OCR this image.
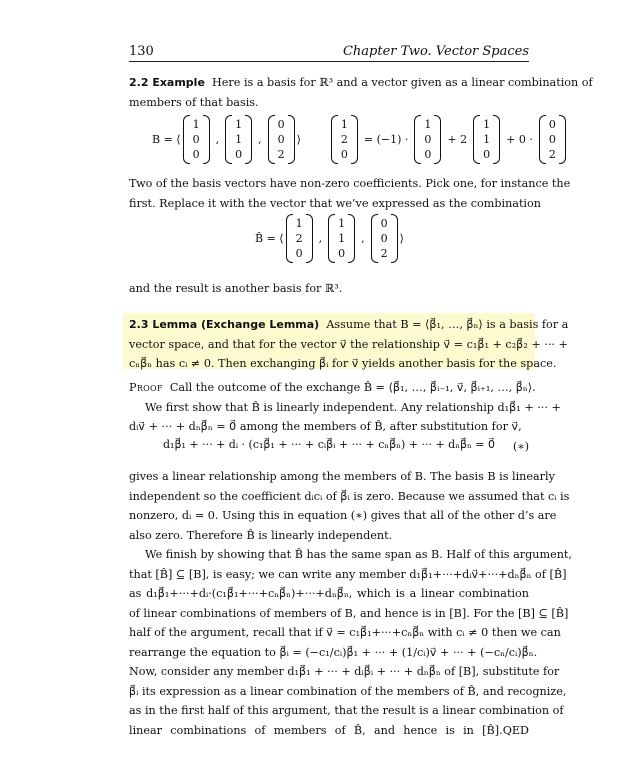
130	Chapter Two. Vector Spaces
2.2 Example Here is a basis for ℝ³ and a vector given as a linear combination of
members of that basis.
B = ⟨
1
0
0
,
1
1
0
,
0
0
2
⟩
1
2
0
= (−1) ·
1
0
0
+ 2
1
1
0
+ 0 ·
0
0
2
Two of the basis vectors have non-zero coefficients. Pick one, for instance the
first. Replace it with the vector that we’ve expressed as the combination
B̂ = ⟨
1
2
0
,
1
1
0
,
0
0
2
⟩
and the result is another basis for ℝ³.
2.3 Lemma (Exchange Lemma) Assume that B = ⟨β⃗₁, …, β⃗ₙ⟩ is a basis for a
vector space, and that for the vector v⃗ the relationship v⃗ = c₁β⃗₁ + c₂β⃗₂ + ··· +
cₙβ⃗ₙ has cᵢ ≠ 0. Then exchanging β⃗ᵢ for v⃗ yields another basis for the space.
Proof Call the outcome of the exchange B̂ = ⟨β⃗₁, …, β⃗ᵢ₋₁, v⃗, β⃗ᵢ₊₁, …, β⃗ₙ⟩.
We first show that B̂ is linearly independent. Any relationship d₁β⃗₁ + ··· +
dᵢv⃗ + ··· + dₙβ⃗ₙ = 0⃗ among the members of B̂, after substitution for v⃗,
d₁β⃗₁ + ··· + dᵢ · (c₁β⃗₁ + ··· + cᵢβ⃗ᵢ + ··· + cₙβ⃗ₙ) + ··· + dₙβ⃗ₙ = 0⃗ (∗)
gives a linear relationship among the members of B. The basis B is linearly
independent so the coefficient dᵢcᵢ of β⃗ᵢ is zero. Because we assumed that cᵢ is
nonzero, dᵢ = 0. Using this in equation (∗) gives that all of the other d’s are
also zero. Therefore B̂ is linearly independent.
We finish by showing that B̂ has the same span as B. Half of this argument,
that [B̂] ⊆ [B], is easy; we can write any member d₁β⃗₁+···+dᵢv⃗+···+dₙβ⃗ₙ of [B̂]
as d₁β⃗₁+···+dᵢ·(c₁β⃗₁+···+cₙβ⃗ₙ)+···+dₙβ⃗ₙ, which is a linear combination
of linear combinations of members of B, and hence is in [B]. For the [B] ⊆ [B̂]
half of the argument, recall that if v⃗ = c₁β⃗₁+···+cₙβ⃗ₙ with cᵢ ≠ 0 then we can
rearrange the equation to β⃗ᵢ = (−c₁/cᵢ)β⃗₁ + ··· + (1/cᵢ)v⃗ + ··· + (−cₙ/cᵢ)β⃗ₙ.
Now, consider any member d₁β⃗₁ + ··· + dᵢβ⃗ᵢ + ··· + dₙβ⃗ₙ of [B], substitute for
β⃗ᵢ its expression as a linear combination of the members of B̂, and recognize,
as in the first half of this argument, that the result is a linear combination of
linear combinations of members of B̂, and hence is in [B̂].QED
